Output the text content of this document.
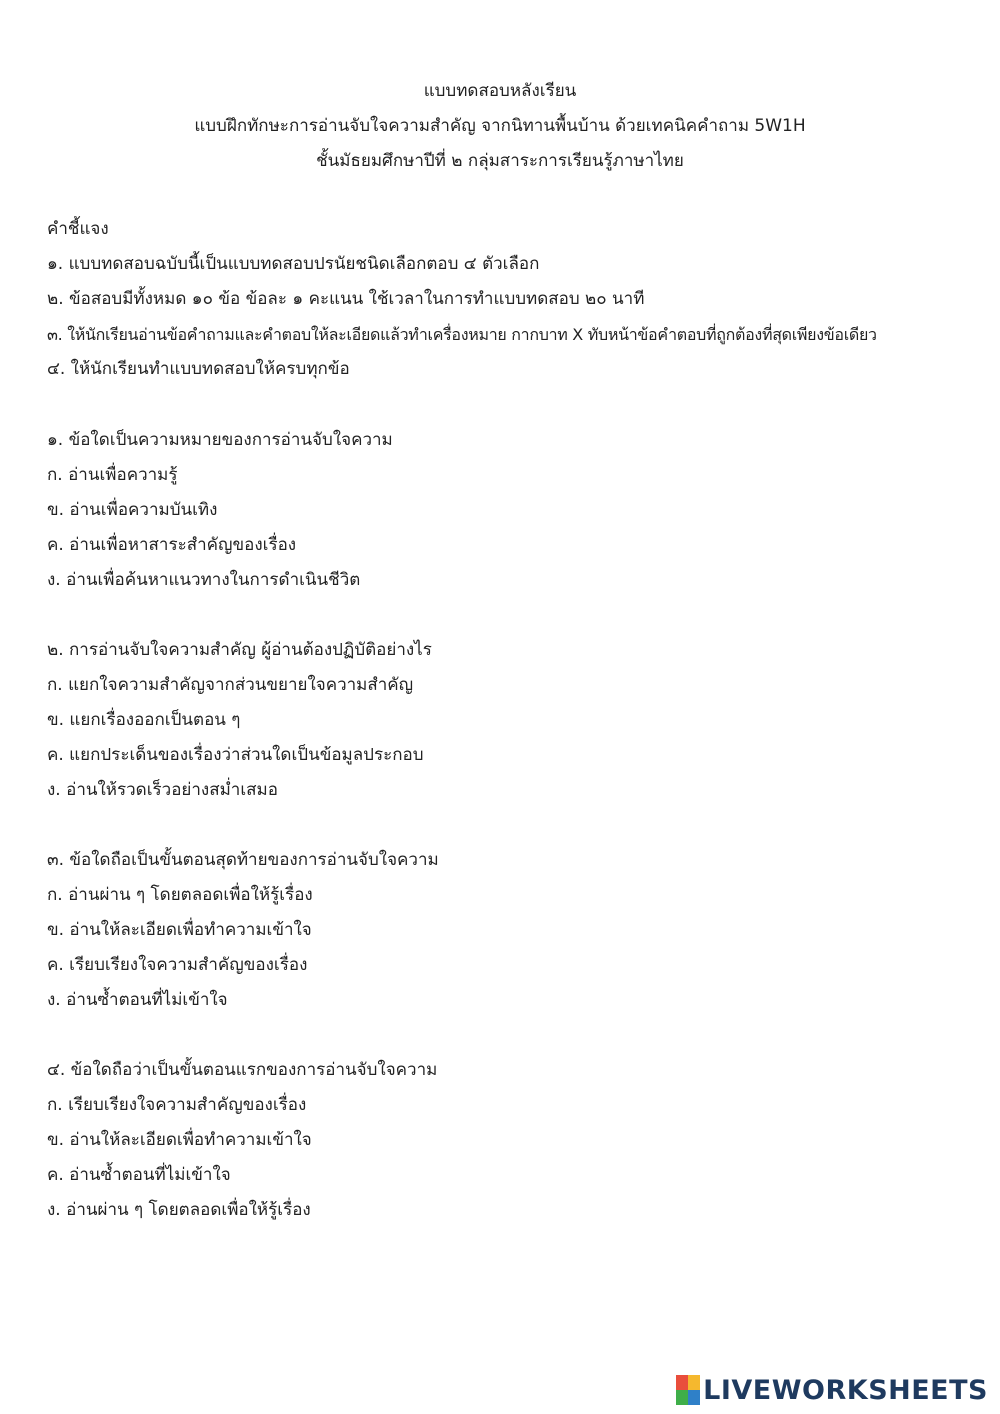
แบบทดสอบหลังเรียน
แบบฝึกทักษะการอ่านจับใจความสำคัญ จากนิทานพื้นบ้าน ด้วยเทคนิคคำถาม 5W1H
ชั้นมัธยมศึกษาปีที่ ๒ กลุ่มสาระการเรียนรู้ภาษาไทย
คำชี้แจง
๑. แบบทดสอบฉบับนี้เป็นแบบทดสอบปรนัยชนิดเลือกตอบ ๔ ตัวเลือก
๒. ข้อสอบมีทั้งหมด ๑๐ ข้อ ข้อละ ๑ คะแนน ใช้เวลาในการทำแบบทดสอบ ๒๐ นาที
๓. ให้นักเรียนอ่านข้อคำถามและคำตอบให้ละเอียดแล้วทำเครื่องหมาย กากบาท X ทับหน้าข้อคำตอบที่ถูกต้องที่สุดเพียงข้อเดียว
๔. ให้นักเรียนทำแบบทดสอบให้ครบทุกข้อ
๑. ข้อใดเป็นความหมายของการอ่านจับใจความ
ก. อ่านเพื่อความรู้
ข. อ่านเพื่อความบันเทิง
ค. อ่านเพื่อหาสาระสำคัญของเรื่อง
ง. อ่านเพื่อค้นหาแนวทางในการดำเนินชีวิต
๒. การอ่านจับใจความสำคัญ ผู้อ่านต้องปฏิบัติอย่างไร
ก. แยกใจความสำคัญจากส่วนขยายใจความสำคัญ
ข. แยกเรื่องออกเป็นตอน ๆ
ค. แยกประเด็นของเรื่องว่าส่วนใดเป็นข้อมูลประกอบ
ง. อ่านให้รวดเร็วอย่างสม่ำเสมอ
๓. ข้อใดถือเป็นขั้นตอนสุดท้ายของการอ่านจับใจความ
ก. อ่านผ่าน ๆ โดยตลอดเพื่อให้รู้เรื่อง
ข. อ่านให้ละเอียดเพื่อทำความเข้าใจ
ค. เรียบเรียงใจความสำคัญของเรื่อง
ง. อ่านซ้ำตอนที่ไม่เข้าใจ
๔. ข้อใดถือว่าเป็นขั้นตอนแรกของการอ่านจับใจความ
ก. เรียบเรียงใจความสำคัญของเรื่อง
ข. อ่านให้ละเอียดเพื่อทำความเข้าใจ
ค. อ่านซ้ำตอนที่ไม่เข้าใจ
ง. อ่านผ่าน ๆ โดยตลอดเพื่อให้รู้เรื่อง
LIVEWORKSHEETS
